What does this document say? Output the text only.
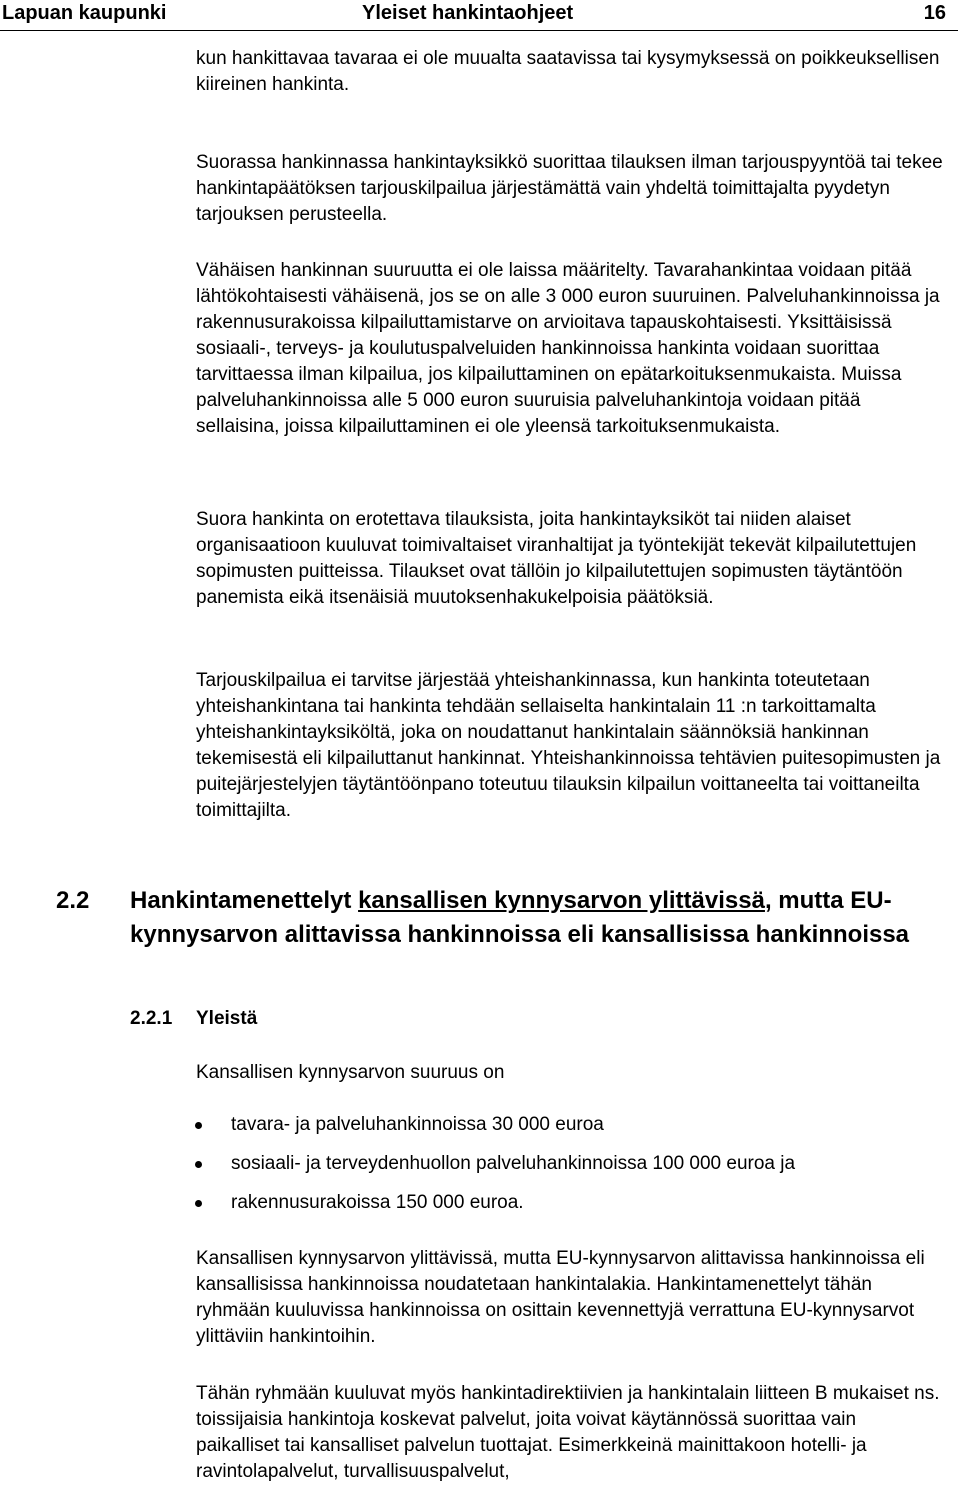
Lapuan kaupunki	Yleiset hankintaohjeet	16

kun hankittavaa tavaraa ei ole muualta saatavissa tai kysymyksessä on poikkeuksellisen kiireinen hankinta.

Suorassa hankinnassa hankintayksikkö suorittaa tilauksen ilman tarjouspyyntöä tai tekee hankintapäätöksen tarjouskilpailua järjestämättä vain yhdeltä toimittajalta pyydetyn tarjouksen perusteella.

Vähäisen hankinnan suuruutta ei ole laissa määritelty. Tavarahankintaa voidaan pitää lähtökohtaisesti vähäisenä, jos se on alle 3 000 euron suuruinen. Palveluhankinnoissa ja rakennusurakoissa kilpailuttamistarve on arvioitava tapauskohtaisesti. Yksittäisissä sosiaali-, terveys- ja koulutuspalveluiden hankinnoissa hankinta voidaan suorittaa tarvittaessa ilman kilpailua, jos kilpailuttaminen on epätarkoituksenmukaista. Muissa palveluhankinnoissa alle 5 000 euron suuruisia palveluhankintoja voidaan pitää sellaisina, joissa kilpailuttaminen ei ole yleensä tarkoituksenmukaista.

Suora hankinta on erotettava tilauksista, joita hankintayksiköt tai niiden alaiset organisaatioon kuuluvat toimivaltaiset viranhaltijat ja työntekijät tekevät kilpailutettujen sopimusten puitteissa. Tilaukset ovat tällöin jo kilpailutettujen sopimusten täytäntöön panemista eikä itsenäisiä muutoksenhakukelpoisia päätöksiä.

Tarjouskilpailua ei tarvitse järjestää yhteishankinnassa, kun hankinta toteutetaan yhteishankintana tai hankinta tehdään sellaiselta hankintalain 11 :n tarkoittamalta yhteishankintayksiköltä, joka on noudattanut hankintalain säännöksiä hankinnan tekemisestä eli kilpailuttanut hankinnat. Yhteishankinnoissa tehtävien puitesopimusten ja puitejärjestelyjen täytäntöönpano toteutuu tilauksin kilpailun voittaneelta tai voittaneilta toimittajilta.

2.2 Hankintamenettelyt kansallisen kynnysarvon ylittävissä, mutta EU-kynnysarvon alittavissa hankinnoissa eli kansallisissa hankinnoissa
2.2.1 Yleistä

Kansallisen kynnysarvon suuruus on

tavara- ja palveluhankinnoissa 30 000 euroa
sosiaali- ja terveydenhuollon palveluhankinnoissa 100 000 euroa ja
rakennusurakoissa 150 000 euroa.

Kansallisen kynnysarvon ylittävissä, mutta EU-kynnysarvon alittavissa hankinnoissa eli kansallisissa hankinnoissa noudatetaan hankintalakia. Hankintamenettelyt tähän ryhmään kuuluvissa hankinnoissa on osittain kevennettyjä verrattuna EU-kynnysarvot ylittäviin hankintoihin.

Tähän ryhmään kuuluvat myös hankintadirektiivien ja hankintalain liitteen B mukaiset ns. toissijaisia hankintoja koskevat palvelut, joita voivat käytännössä suorittaa vain paikalliset tai kansalliset palvelun tuottajat. Esimerkkeinä mainittakoon hotelli- ja ravintolapalvelut, turvallisuuspalvelut,
